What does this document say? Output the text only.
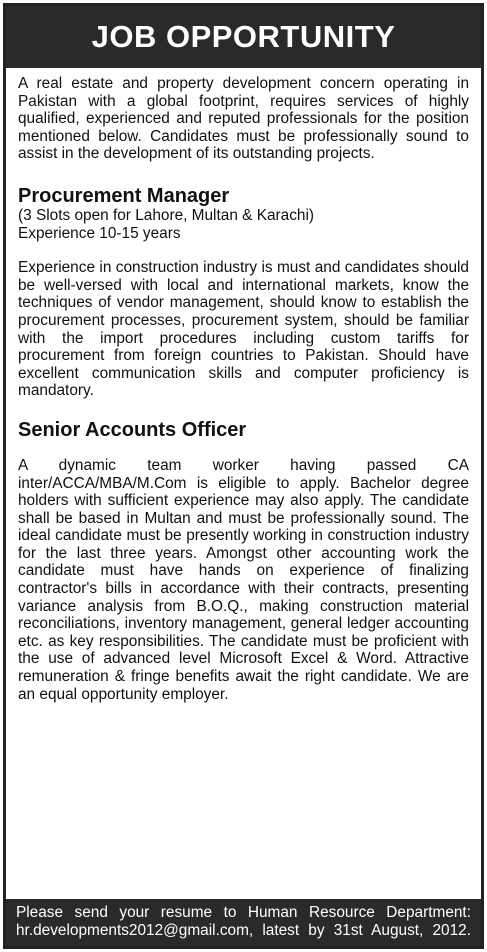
JOB OPPORTUNITY

A real estate and property development concern operating in Pakistan with a global footprint, requires services of highly qualified, experienced and reputed professionals for the position mentioned below. Candidates must be professionally sound to assist in the development of its outstanding projects.

Procurement Manager

(3 Slots open for Lahore, Multan & Karachi)

Experience 10-15 years

Experience in construction industry is must and candidates should be well-versed with local and international markets, know the techniques of vendor management, should know to establish the procurement processes, procurement system, should be familiar with the import procedures including custom tariffs for procurement from foreign countries to Pakistan. Should have excellent communication skills and computer proficiency is mandatory.

Senior Accounts Officer

A dynamic team worker having passed CA inter/ACCA/MBA/M.Com is eligible to apply. Bachelor degree holders with sufficient experience may also apply. The candidate shall be based in Multan and must be professionally sound. The ideal candidate must be presently working in construction industry for the last three years. Amongst other accounting work the candidate must have hands on experience of finalizing contractor's bills in accordance with their contracts, presenting variance analysis from B.O.Q., making construction material reconciliations, inventory management, general ledger accounting etc. as key responsibilities. The candidate must be proficient with the use of advanced level Microsoft Excel & Word. Attractive remuneration & fringe benefits await the right candidate. We are an equal opportunity employer.

Please send your resume to Human Resource Department:
hr.developments2012@gmail.com, latest by 31st August, 2012.
